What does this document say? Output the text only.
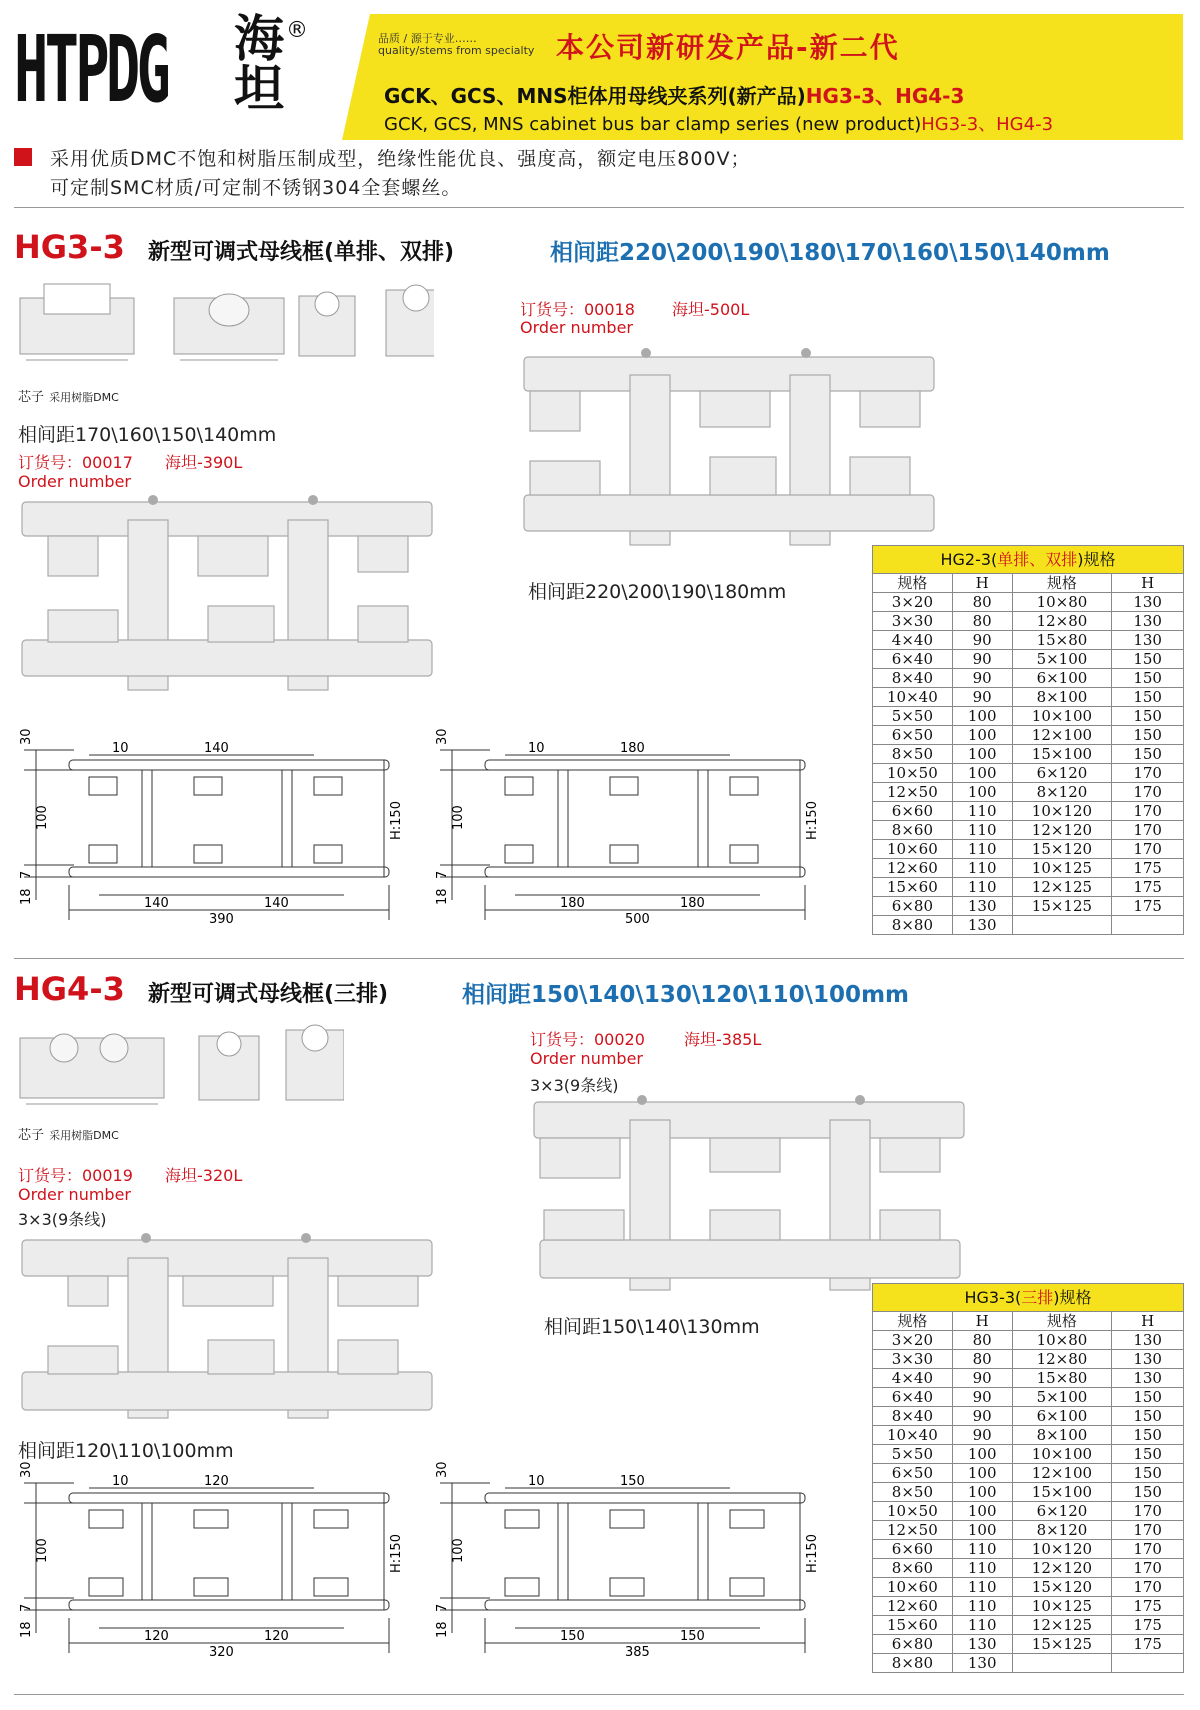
HTPDG	海坦 ®	品质 / 源于专业……
quality/stems from specialty 本公司新研发产品-新二代
GCK、GCS、MNS柜体用母线夹系列(新产品)HG3-3、HG4-3
GCK, GCS, MNS cabinet bus bar clamp series (new product)HG3-3、HG4-3
采用优质DMC不饱和树脂压制成型，绝缘性能优良、强度高，额定电压800V；
可定制SMC材质/可定制不锈钢304全套螺丝。
HG3-3 新型可调式母线框(单排、双排)	相间距220\200\190\180\170\160\150\140mm
芯子 采用树脂DMC
相间距170\160\150\140mm
订货号：00017 海坦-390L
Order number
订货号：00018 海坦-500L
Order number
相间距220\200\190\180mm
30
10	140
100
7
18
H:150
140	140
390
30
10	180
100
7
18
H:150
180	180
500
HG2-3(单排、双排)规格			
规格	H	规格	H
3×20	80	10×80	130
3×30	80	12×80	130
4×40	90	15×80	130
6×40	90	5×100	150
8×40	90	6×100	150
10×40	90	8×100	150
5×50	100	10×100	150
6×50	100	12×100	150
8×50	100	15×100	150
10×50	100	6×120	170
12×50	100	8×120	170
6×60	110	10×120	170
8×60	110	12×120	170
10×60	110	15×120	170
12×60	110	10×125	175
15×60	110	12×125	175
6×80	130	15×125	175
8×80	130		
HG4-3 新型可调式母线框(三排)	相间距150\140\130\120\110\100mm
芯子 采用树脂DMC
订货号：00019 海坦-320L
Order number
3×3(9条线)
相间距120\110\100mm
订货号：00020 海坦-385L
Order number
3×3(9条线)
相间距150\140\130mm
30
10	120
100
7
18
H:150
120	120
320
30
10	150
100
7
18
H:150
150	150
385
HG3-3(三排)规格			
规格	H	规格	H
3×20	80	10×80	130
3×30	80	12×80	130
4×40	90	15×80	130
6×40	90	5×100	150
8×40	90	6×100	150
10×40	90	8×100	150
5×50	100	10×100	150
6×50	100	12×100	150
8×50	100	15×100	150
10×50	100	6×120	170
12×50	100	8×120	170
6×60	110	10×120	170
8×60	110	12×120	170
10×60	110	15×120	170
12×60	110	10×125	175
15×60	110	12×125	175
6×80	130	15×125	175
8×80	130		
